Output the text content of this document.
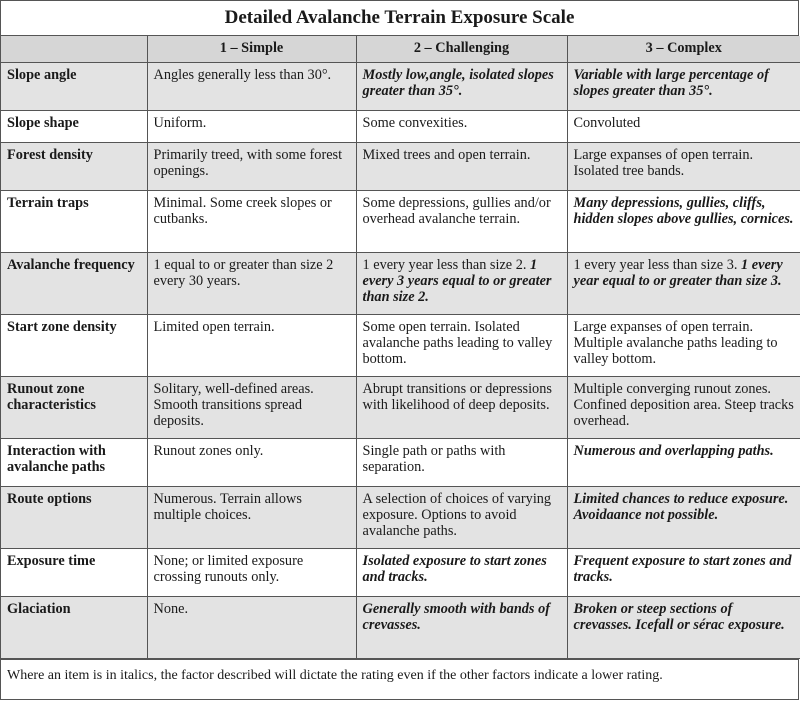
Detailed Avalanche Terrain Exposure Scale
	1 – Simple	2 – Challenging	3 – Complex
Slope angle	Angles generally less than 30°.	Mostly low,angle, isolated slopes greater than 35°.	Variable with large percentage of slopes greater than 35°.
Slope shape	Uniform.	Some convexities.	Convoluted
Forest density	Primarily treed, with some forest openings.	Mixed trees and open terrain.	Large expanses of open terrain. Isolated tree bands.
Terrain traps	Minimal. Some creek slopes or cutbanks.	Some depressions, gullies and/or overhead avalanche terrain.	Many depressions, gullies, cliffs, hidden slopes above gullies, cornices.
Avalanche frequency	1 equal to or greater than size 2 every 30 years.	1 every year less than size 2. 1 every 3 years equal to or greater than size 2.	1 every year less than size 3. 1 every year equal to or greater than size 3.
Start zone density	Limited open terrain.	Some open terrain. Isolated avalanche paths leading to valley bottom.	Large expanses of open terrain. Multiple avalanche paths leading to valley bottom.
Runout zone characteristics	Solitary, well-defined areas. Smooth transitions spread deposits.	Abrupt transitions or depressions with likelihood of deep deposits.	Multiple converging runout zones. Confined deposition area. Steep tracks overhead.
Interaction with avalanche paths	Runout zones only.	Single path or paths with separation.	Numerous and overlapping paths.
Route options	Numerous. Terrain allows multiple choices.	A selection of choices of varying exposure. Options to avoid avalanche paths.	Limited chances to reduce exposure. Avoidaance not possible.
Exposure time	None; or limited exposure crossing runouts only.	Isolated exposure to start zones and tracks.	Frequent exposure to start zones and tracks.
Glaciation	None.	Generally smooth with bands of crevasses.	Broken or steep sections of crevasses. Icefall or sérac exposure.
Where an item is in italics, the factor described will dictate the rating even if the other factors indicate a lower rating.
